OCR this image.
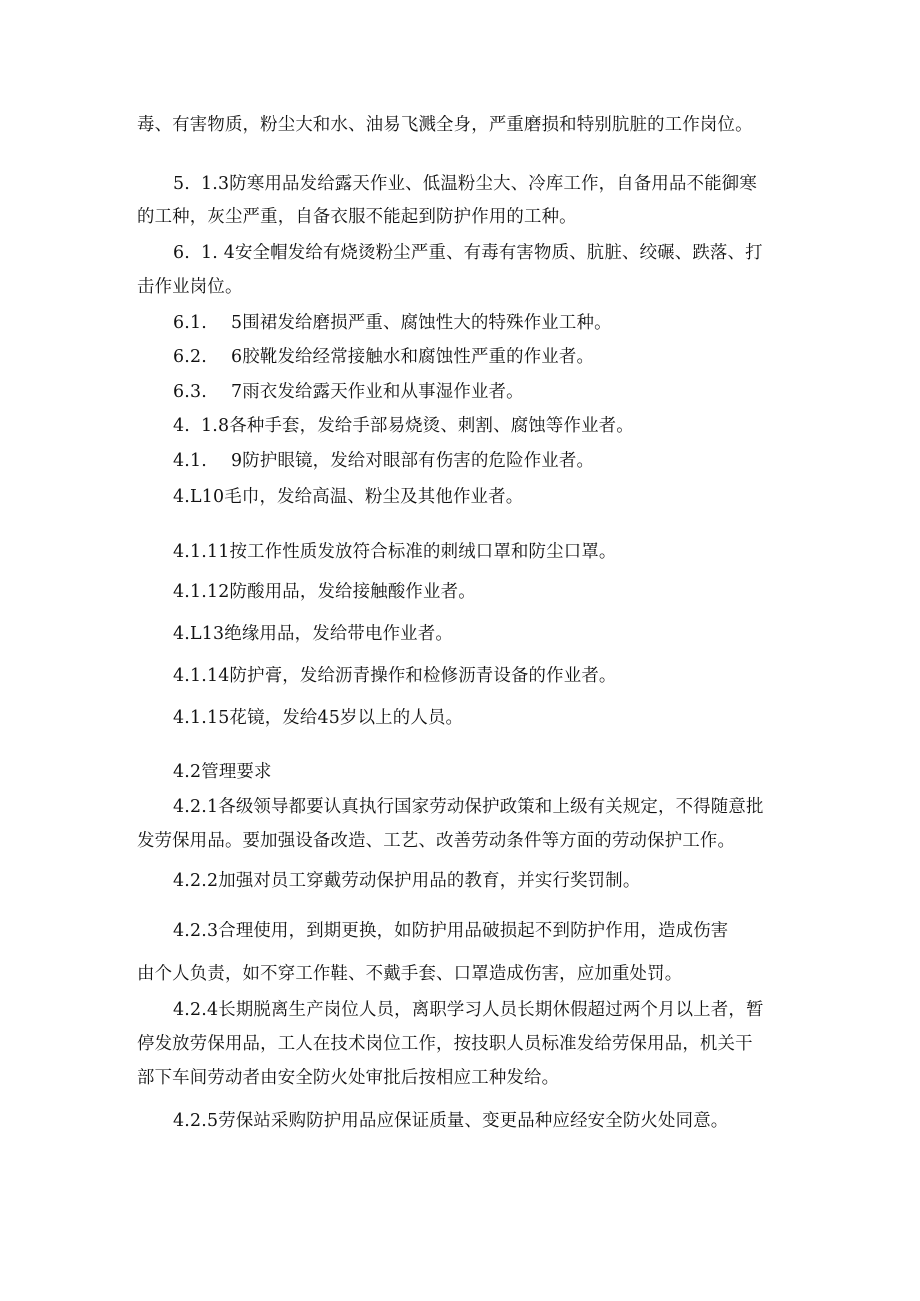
毒、有害物质，粉尘大和水、油易飞溅全身，严重磨损和特别肮脏的工作岗位。
5. 1.3防寒用品发给露天作业、低温粉尘大、冷库工作，自备用品不能御寒
的工种，灰尘严重，自备衣服不能起到防护作用的工种。
6. 1. 4安全帽发给有烧烫粉尘严重、有毒有害物质、肮脏、绞碾、跌落、打
击作业岗位。
6.1. 5围裙发给磨损严重、腐蚀性大的特殊作业工种。
6.2. 6胶靴发给经常接触水和腐蚀性严重的作业者。
6.3. 7雨衣发给露天作业和从事湿作业者。
4. 1.8各种手套，发给手部易烧烫、刺割、腐蚀等作业者。
4.1. 9防护眼镜，发给对眼部有伤害的危险作业者。
4.L10毛巾，发给高温、粉尘及其他作业者。
4.1.11按工作性质发放符合标准的刺绒口罩和防尘口罩。
4.1.12防酸用品，发给接触酸作业者。
4.L13绝缘用品，发给带电作业者。
4.1.14防护膏，发给沥青操作和检修沥青设备的作业者。
4.1.15花镜，发给45岁以上的人员。
4.2管理要求
4.2.1各级领导都要认真执行国家劳动保护政策和上级有关规定，不得随意批
发劳保用品。要加强设备改造、工艺、改善劳动条件等方面的劳动保护工作。
4.2.2加强对员工穿戴劳动保护用品的教育，并实行奖罚制。
4.2.3合理使用，到期更换，如防护用品破损起不到防护作用，造成伤害
由个人负责，如不穿工作鞋、不戴手套、口罩造成伤害，应加重处罚。
4.2.4长期脱离生产岗位人员，离职学习人员长期休假超过两个月以上者，暂
停发放劳保用品，工人在技术岗位工作，按技职人员标准发给劳保用品，机关干
部下车间劳动者由安全防火处审批后按相应工种发给。
4.2.5劳保站采购防护用品应保证质量、变更品种应经安全防火处同意。
